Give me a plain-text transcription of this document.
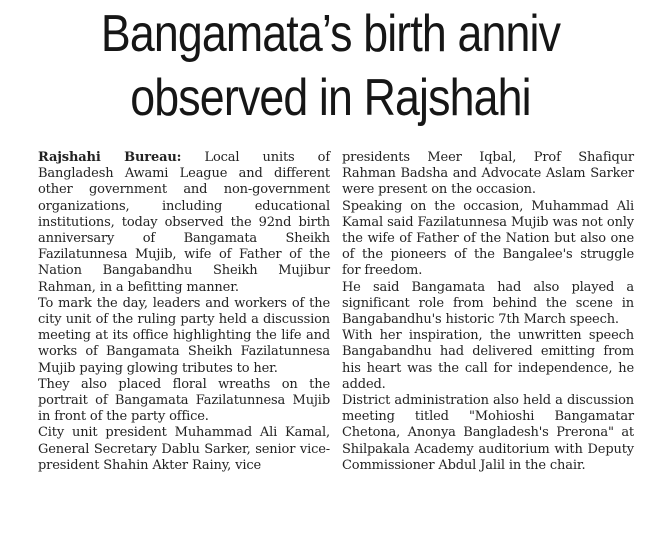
Bangamata’s birth anniv
observed in Rajshahi

Rajshahi Bureau: Local units of Bangladesh Awami League and different other government and non-government organizations, including educational institutions, today observed the 92nd birth anniversary of Bangamata Sheikh Fazilatunnesa Mujib, wife of Father of the Nation Bangabandhu Sheikh Mujibur Rahman, in a befitting manner.

To mark the day, leaders and workers of the city unit of the ruling party held a discussion meeting at its office highlighting the life and works of Bangamata Sheikh Fazilatunnesa Mujib paying glowing tributes to her.

They also placed floral wreaths on the portrait of Bangamata Fazilatunnesa Mujib in front of the party office.

City unit president Muhammad Ali Kamal, General Secretary Dablu Sarker, senior vice-president Shahin Akter Rainy, vice

presidents Meer Iqbal, Prof Shafiqur Rahman Badsha and Advocate Aslam Sarker were present on the occasion.

Speaking on the occasion, Muhammad Ali Kamal said Fazilatunnesa Mujib was not only the wife of Father of the Nation but also one of the pioneers of the Bangalee's struggle for freedom.

He said Bangamata had also played a significant role from behind the scene in Bangabandhu's historic 7th March speech.

With her inspiration, the unwritten speech Bangabandhu had delivered emitting from his heart was the call for independence, he added.

District administration also held a discussion meeting titled "Mohioshi Bangamatar Chetona, Anonya Bangladesh's Prerona" at Shilpakala Academy auditorium with Deputy Commissioner Abdul Jalil in the chair.
